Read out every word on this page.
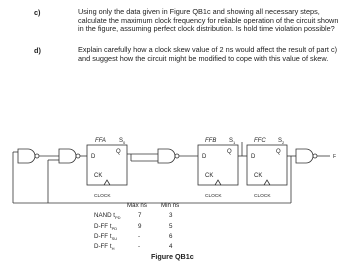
c)	Using only the data given in Figure QB1c and showing all necessary steps, calculate the maximum clock frequency for reliable operation of the circuit shown in the figure, assuming perfect clock distribution. Is hold time violation possible?
d)	Explain carefully how a clock skew value of 2 ns would affect the result of part c) and suggest how the circuit might be modified to cope with this value of skew.
FFA S 0
D
Q
CK
CLOCK
FFB S 1
D
Q
CK
CLOCK
FFC S 2
D
Q
CK
CLOCK
F
Max ns Min ns
NAND $t_{PD}$	7	3
D-FF $t_{PD}$	9	5
D-FF $t_{SU}$	-	6
D-FF $t_H$	-	4
Figure QB1c
